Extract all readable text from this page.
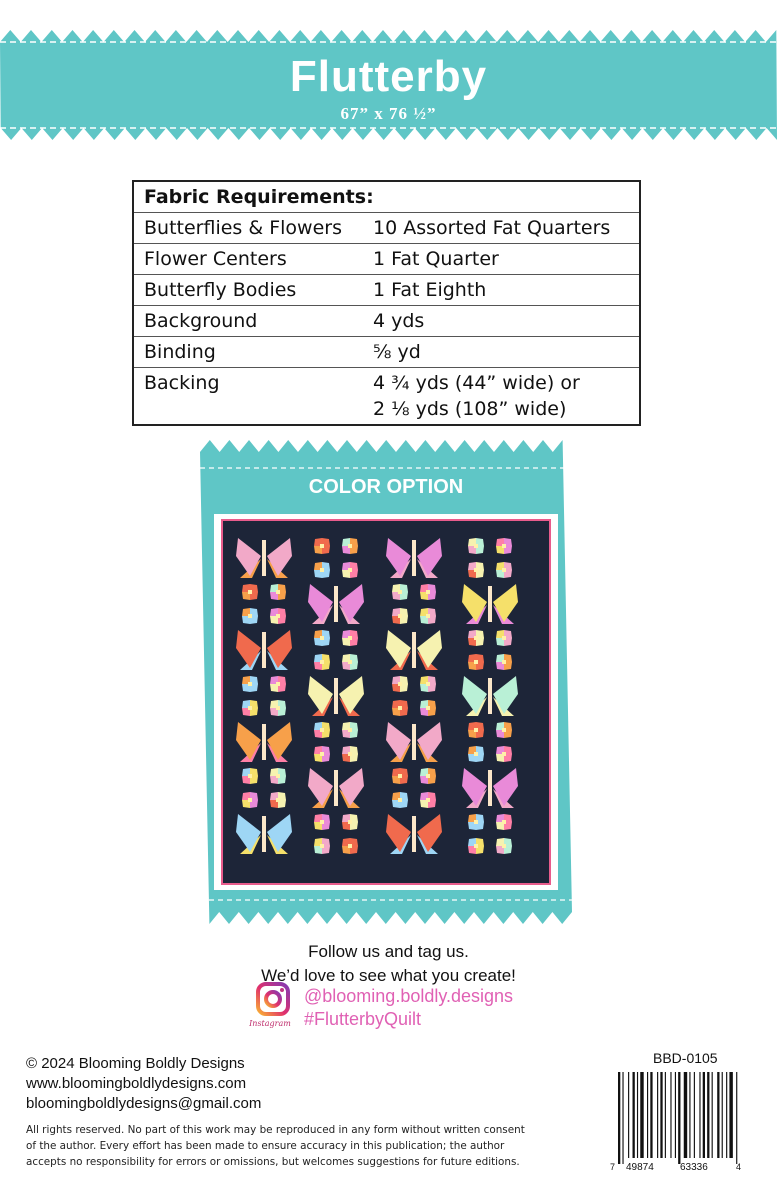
Flutterby
67” x 76 ½”
Fabric Requirements:	
Butterflies & Flowers	10 Assorted Fat Quarters
Flower Centers	1 Fat Quarter
Butterfly Bodies	1 Fat Eighth
Background	4 yds
Binding	⅝ yd
Backing	4 ¾ yds (44” wide) or
2 ⅛ yds (108” wide)
COLOR OPTION
Follow us and tag us.
We’d love to see what you create!
Instagram
@blooming.boldly.designs
#FlutterbyQuilt
© 2024 Blooming Boldly Designs
www.bloomingboldlydesigns.com
bloomingboldlydesigns@gmail.com
All rights reserved. No part of this work may be reproduced in any form without written consent
of the author. Every effort has been made to ensure accuracy in this publication; the author
accepts no responsibility for errors or omissions, but welcomes suggestions for future editions.
BBD-0105
7 49874	63336	4
